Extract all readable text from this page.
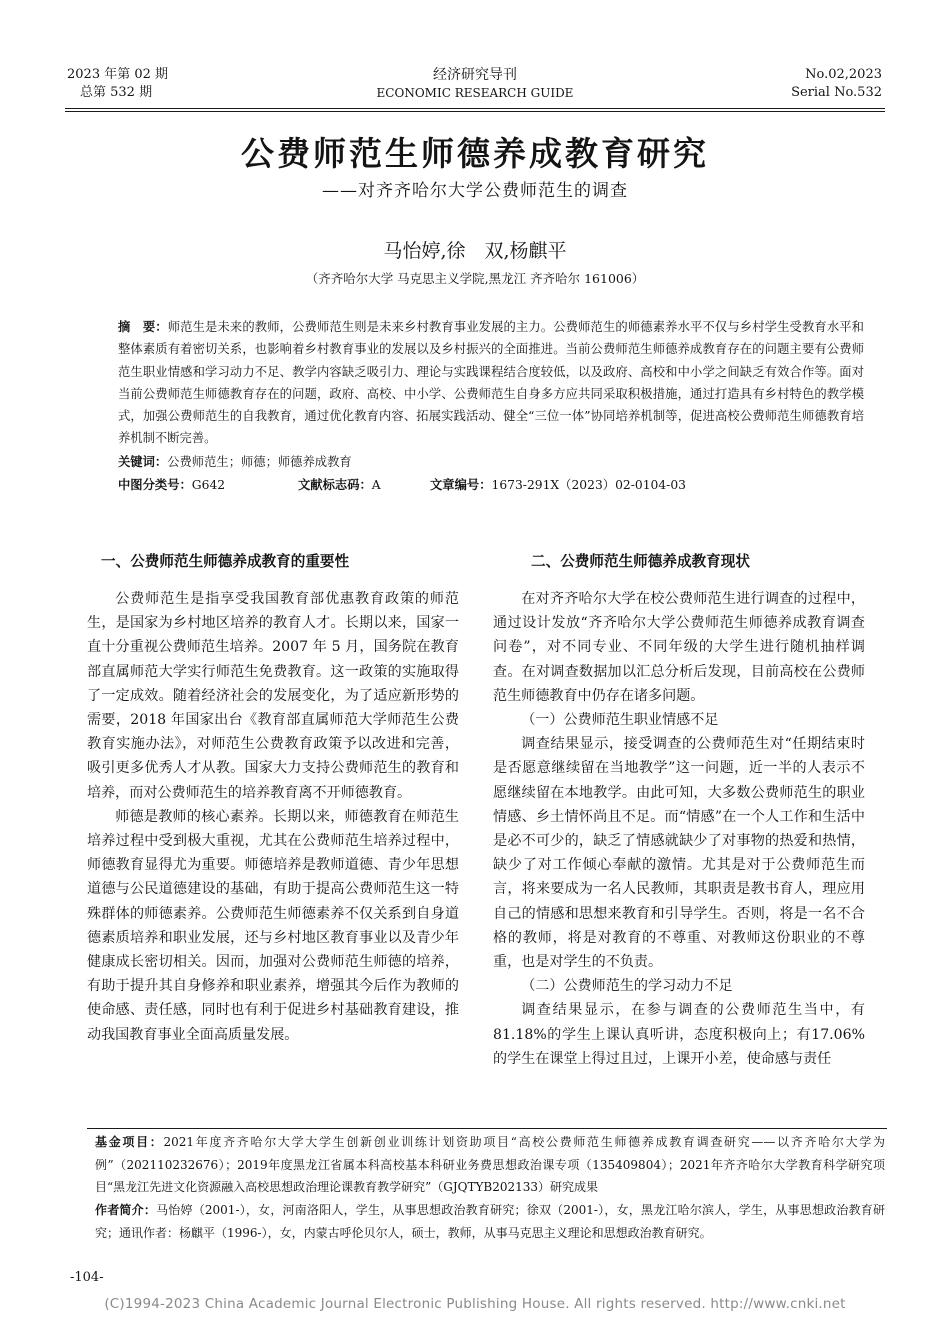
2023 年第 02 期
总第 532 期
经济研究导刊
ECONOMIC RESEARCH GUIDE
No.02,2023
Serial No.532
公费师范生师德养成教育研究
——对齐齐哈尔大学公费师范生的调查
马怡婷,徐　双,杨麒平
（齐齐哈尔大学 马克思主义学院,黑龙江 齐齐哈尔 161006）
摘　要：师范生是未来的教师，公费师范生则是未来乡村教育事业发展的主力。公费师范生的师德素养水平不仅与乡村学生受教育水平和整体素质有着密切关系，也影响着乡村教育事业的发展以及乡村振兴的全面推进。当前公费师范生师德养成教育存在的问题主要有公费师范生职业情感和学习动力不足、教学内容缺乏吸引力、理论与实践课程结合度较低，以及政府、高校和中小学之间缺乏有效合作等。面对当前公费师范生师德教育存在的问题，政府、高校、中小学、公费师范生自身多方应共同采取积极措施，通过打造具有乡村特色的教学模式，加强公费师范生的自我教育，通过优化教育内容、拓展实践活动、健全“三位一体”协同培养机制等，促进高校公费师范生师德教育培养机制不断完善。
关键词：公费师范生；师德；师德养成教育
中图分类号：G642	文献标志码：A	文章编号：1673-291X（2023）02-0104-03
一、公费师范生师德养成教育的重要性

公费师范生是指享受我国教育部优惠教育政策的师范生，是国家为乡村地区培养的教育人才。长期以来，国家一直十分重视公费师范生培养。2007 年 5 月，国务院在教育部直属师范大学实行师范生免费教育。这一政策的实施取得了一定成效。随着经济社会的发展变化，为了适应新形势的需要，2018 年国家出台《教育部直属师范大学师范生公费教育实施办法》，对师范生公费教育政策予以改进和完善，吸引更多优秀人才从教。国家大力支持公费师范生的教育和培养，而对公费师范生的培养教育离不开师德教育。

师德是教师的核心素养。长期以来，师德教育在师范生培养过程中受到极大重视，尤其在公费师范生培养过程中，师德教育显得尤为重要。师德培养是教师道德、青少年思想道德与公民道德建设的基础，有助于提高公费师范生这一特殊群体的师德素养。公费师范生师德素养不仅关系到自身道德素质培养和职业发展，还与乡村地区教育事业以及青少年健康成长密切相关。因而，加强对公费师范生师德的培养，有助于提升其自身修养和职业素养，增强其今后作为教师的使命感、责任感，同时也有利于促进乡村基础教育建设，推动我国教育事业全面高质量发展。

二、公费师范生师德养成教育现状

在对齐齐哈尔大学在校公费师范生进行调查的过程中，通过设计发放“齐齐哈尔大学公费师范生师德养成教育调查问卷”，对不同专业、不同年级的大学生进行随机抽样调查。在对调查数据加以汇总分析后发现，目前高校在公费师范生师德教育中仍存在诸多问题。

（一）公费师范生职业情感不足

调查结果显示，接受调查的公费师范生对“任期结束时是否愿意继续留在当地教学”这一问题，近一半的人表示不愿继续留在本地教学。由此可知，大多数公费师范生的职业情感、乡土情怀尚且不足。而“情感”在一个人工作和生活中是必不可少的，缺乏了情感就缺少了对事物的热爱和热情，缺少了对工作倾心奉献的激情。尤其是对于公费师范生而言，将来要成为一名人民教师，其职责是教书育人，理应用自己的情感和思想来教育和引导学生。否则，将是一名不合格的教师，将是对教育的不尊重、对教师这份职业的不尊重，也是对学生的不负责。

（二）公费师范生的学习动力不足

调查结果显示，在参与调查的公费师范生当中，有 81.18%的学生上课认真听讲，态度积极向上；有17.06%的学生在课堂上得过且过，上课开小差，使命感与责任

基金项目：2021年度齐齐哈尔大学大学生创新创业训练计划资助项目“高校公费师范生师德养成教育调查研究——以齐齐哈尔大学为例”（202110232676）；2019年度黑龙江省属本科高校基本科研业务费思想政治课专项（135409804）；2021年齐齐哈尔大学教育科学研究项目“黑龙江先进文化资源融入高校思想政治理论课教育教学研究”（GJQTYB202133）研究成果
作者简介：马怡婷（2001-），女，河南洛阳人，学生，从事思想政治教育研究；徐双（2001-），女，黑龙江哈尔滨人，学生，从事思想政治教育研究；通讯作者：杨麒平（1996-），女，内蒙古呼伦贝尔人，硕士，教师，从事马克思主义理论和思想政治教育研究。
-104-
(C)1994-2023 China Academic Journal Electronic Publishing House. All rights reserved. http://www.cnki.net
